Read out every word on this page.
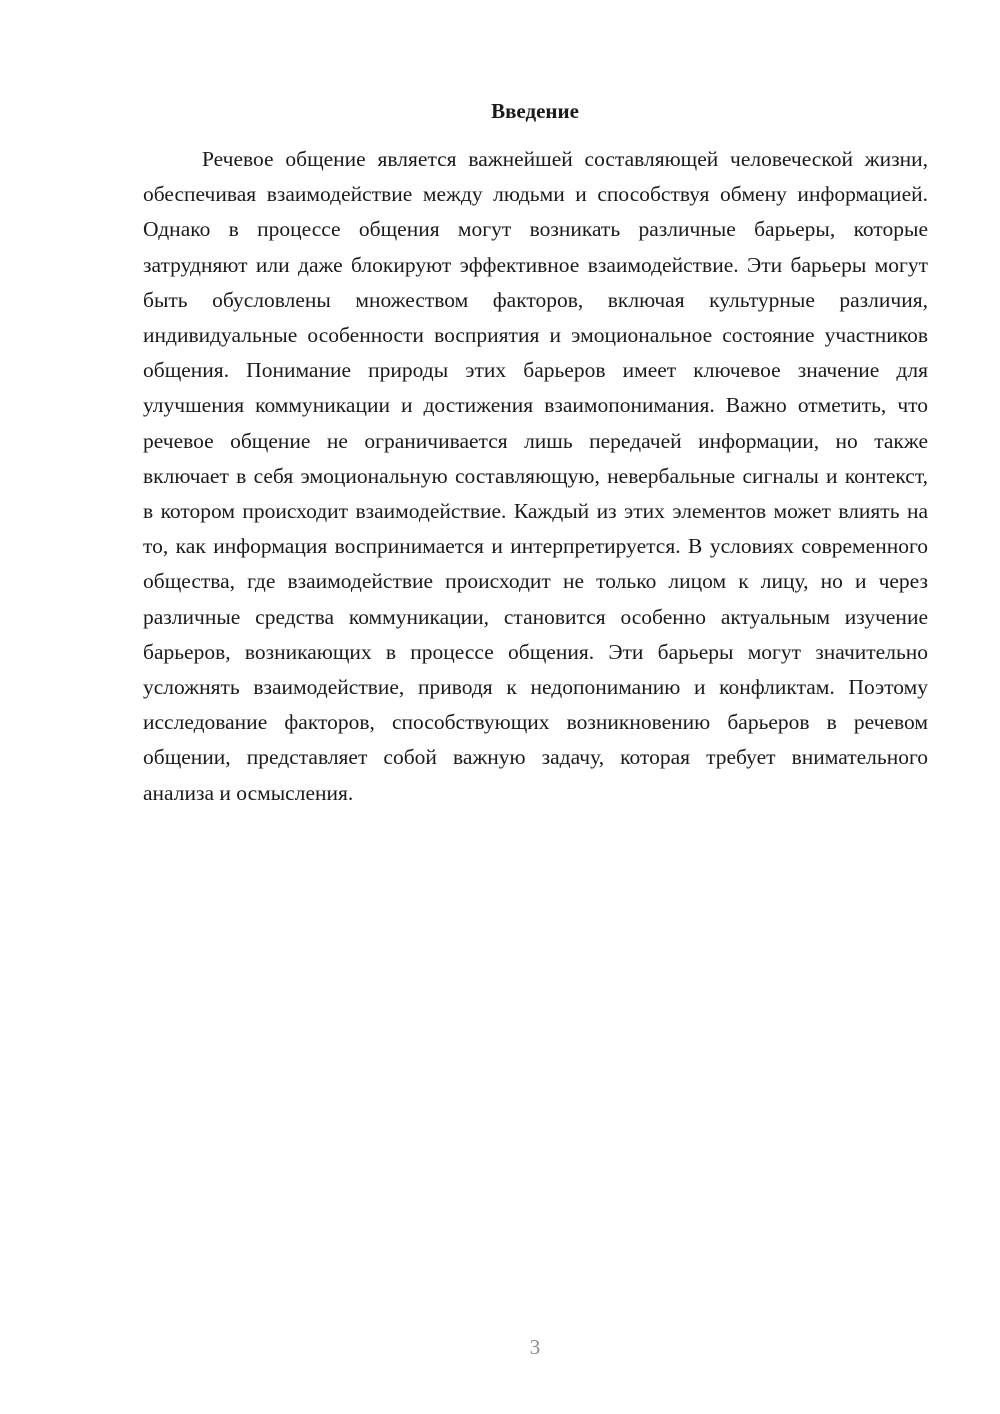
Введение

Речевое общение является важнейшей составляющей человеческой жизни, обеспечивая взаимодействие между людьми и способствуя обмену информацией. Однако в процессе общения могут возникать различные барьеры, которые затрудняют или даже блокируют эффективное взаимодействие. Эти барьеры могут быть обусловлены множеством факторов, включая культурные различия, индивидуальные особенности восприятия и эмоциональное состояние участников общения. Понимание природы этих барьеров имеет ключевое значение для улучшения коммуникации и достижения взаимопонимания. Важно отметить, что речевое общение не ограничивается лишь передачей информации, но также включает в себя эмоциональную составляющую, невербальные сигналы и контекст, в котором происходит взаимодействие. Каждый из этих элементов может влиять на то, как информация воспринимается и интерпретируется. В условиях современного общества, где взаимодействие происходит не только лицом к лицу, но и через различные средства коммуникации, становится особенно актуальным изучение барьеров, возникающих в процессе общения. Эти барьеры могут значительно усложнять взаимодействие, приводя к недопониманию и конфликтам. Поэтому исследование факторов, способствующих возникновению барьеров в речевом общении, представляет собой важную задачу, которая требует внимательного анализа и осмысления.

3
